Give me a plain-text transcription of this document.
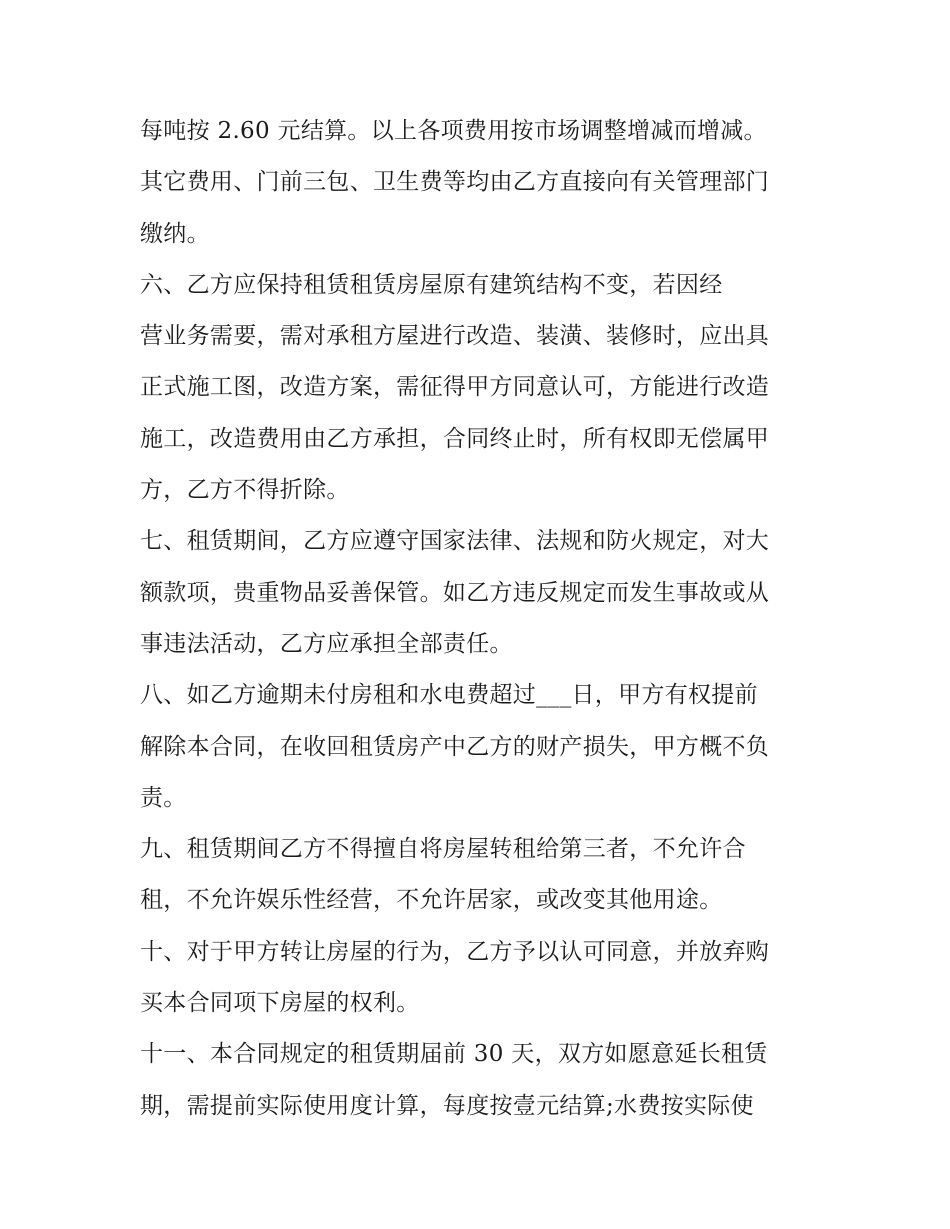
每吨按 2.60 元结算。以上各项费用按市场调整增减而增减。
其它费用、门前三包、卫生费等均由乙方直接向有关管理部门
缴纳。
六、乙方应保持租赁租赁房屋原有建筑结构不变，若因经
营业务需要，需对承租方屋进行改造、装潢、装修时，应出具
正式施工图，改造方案，需征得甲方同意认可，方能进行改造
施工，改造费用由乙方承担，合同终止时，所有权即无偿属甲
方，乙方不得折除。
七、租赁期间，乙方应遵守国家法律、法规和防火规定，对大
额款项，贵重物品妥善保管。如乙方违反规定而发生事故或从
事违法活动，乙方应承担全部责任。
八、如乙方逾期未付房租和水电费超过___日，甲方有权提前
解除本合同，在收回租赁房产中乙方的财产损失，甲方概不负
责。
九、租赁期间乙方不得擅自将房屋转租给第三者，不允许合
租，不允许娱乐性经营，不允许居家，或改变其他用途。
十、对于甲方转让房屋的行为，乙方予以认可同意，并放弃购
买本合同项下房屋的权利。
十一、本合同规定的租赁期届前 30 天，双方如愿意延长租赁
期，需提前实际使用度计算，每度按壹元结算;水费按实际使
